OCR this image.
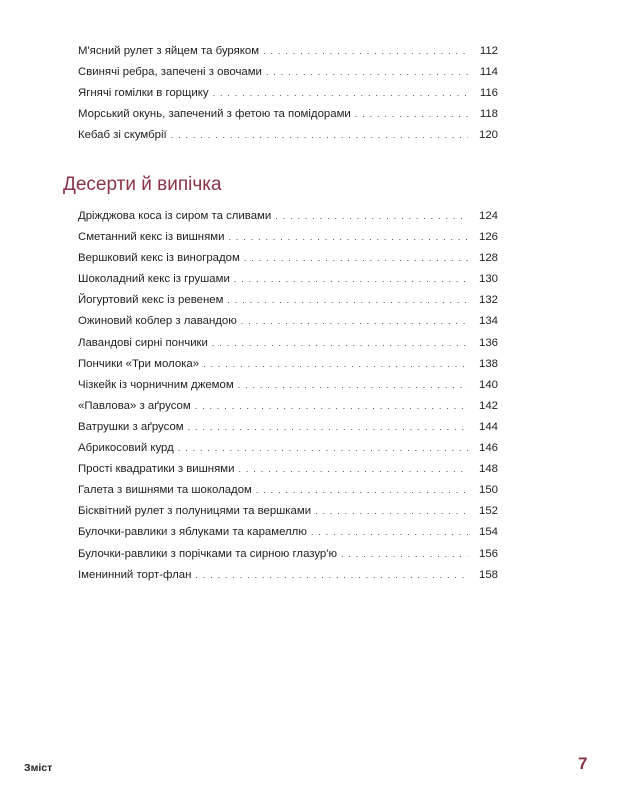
М'ясний рулет з яйцем та буряком . . .	112
Свинячі ребра, запечені з овочами . . .	114
Ягнячі гомілки в горщику . . .	116
Морський окунь, запечений з фетою та помідорами . . .	118
Кебаб зі скумбрії . . .	120
Десерти й випічка
Дріжджова коса із сиром та сливами . . .	124
Сметанний кекс із вишнями . . .	126
Вершковий кекс із виноградом . . .	128
Шоколадний кекс із грушами . . .	130
Йогуртовий кекс із ревенем . . .	132
Ожиновий коблер з лавандою . . .	134
Лавандові сирні пончики . . .	136
Пончики «Три молока» . . .	138
Чізкейк із чорничним джемом . . .	140
«Павлова» з аґрусом . . .	142
Ватрушки з аґрусом . . .	144
Абрикосовий курд . . .	146
Прості квадратики з вишнями . . .	148
Галета з вишнями та шоколадом . . .	150
Бісквітний рулет з полуницями та вершками . . .	152
Булочки-равлики з яблуками та карамеллю . . .	154
Булочки-равлики з порічками та сирною глазур'ю . . .	156
Іменинний торт-флан . . .	158
Зміст	7
